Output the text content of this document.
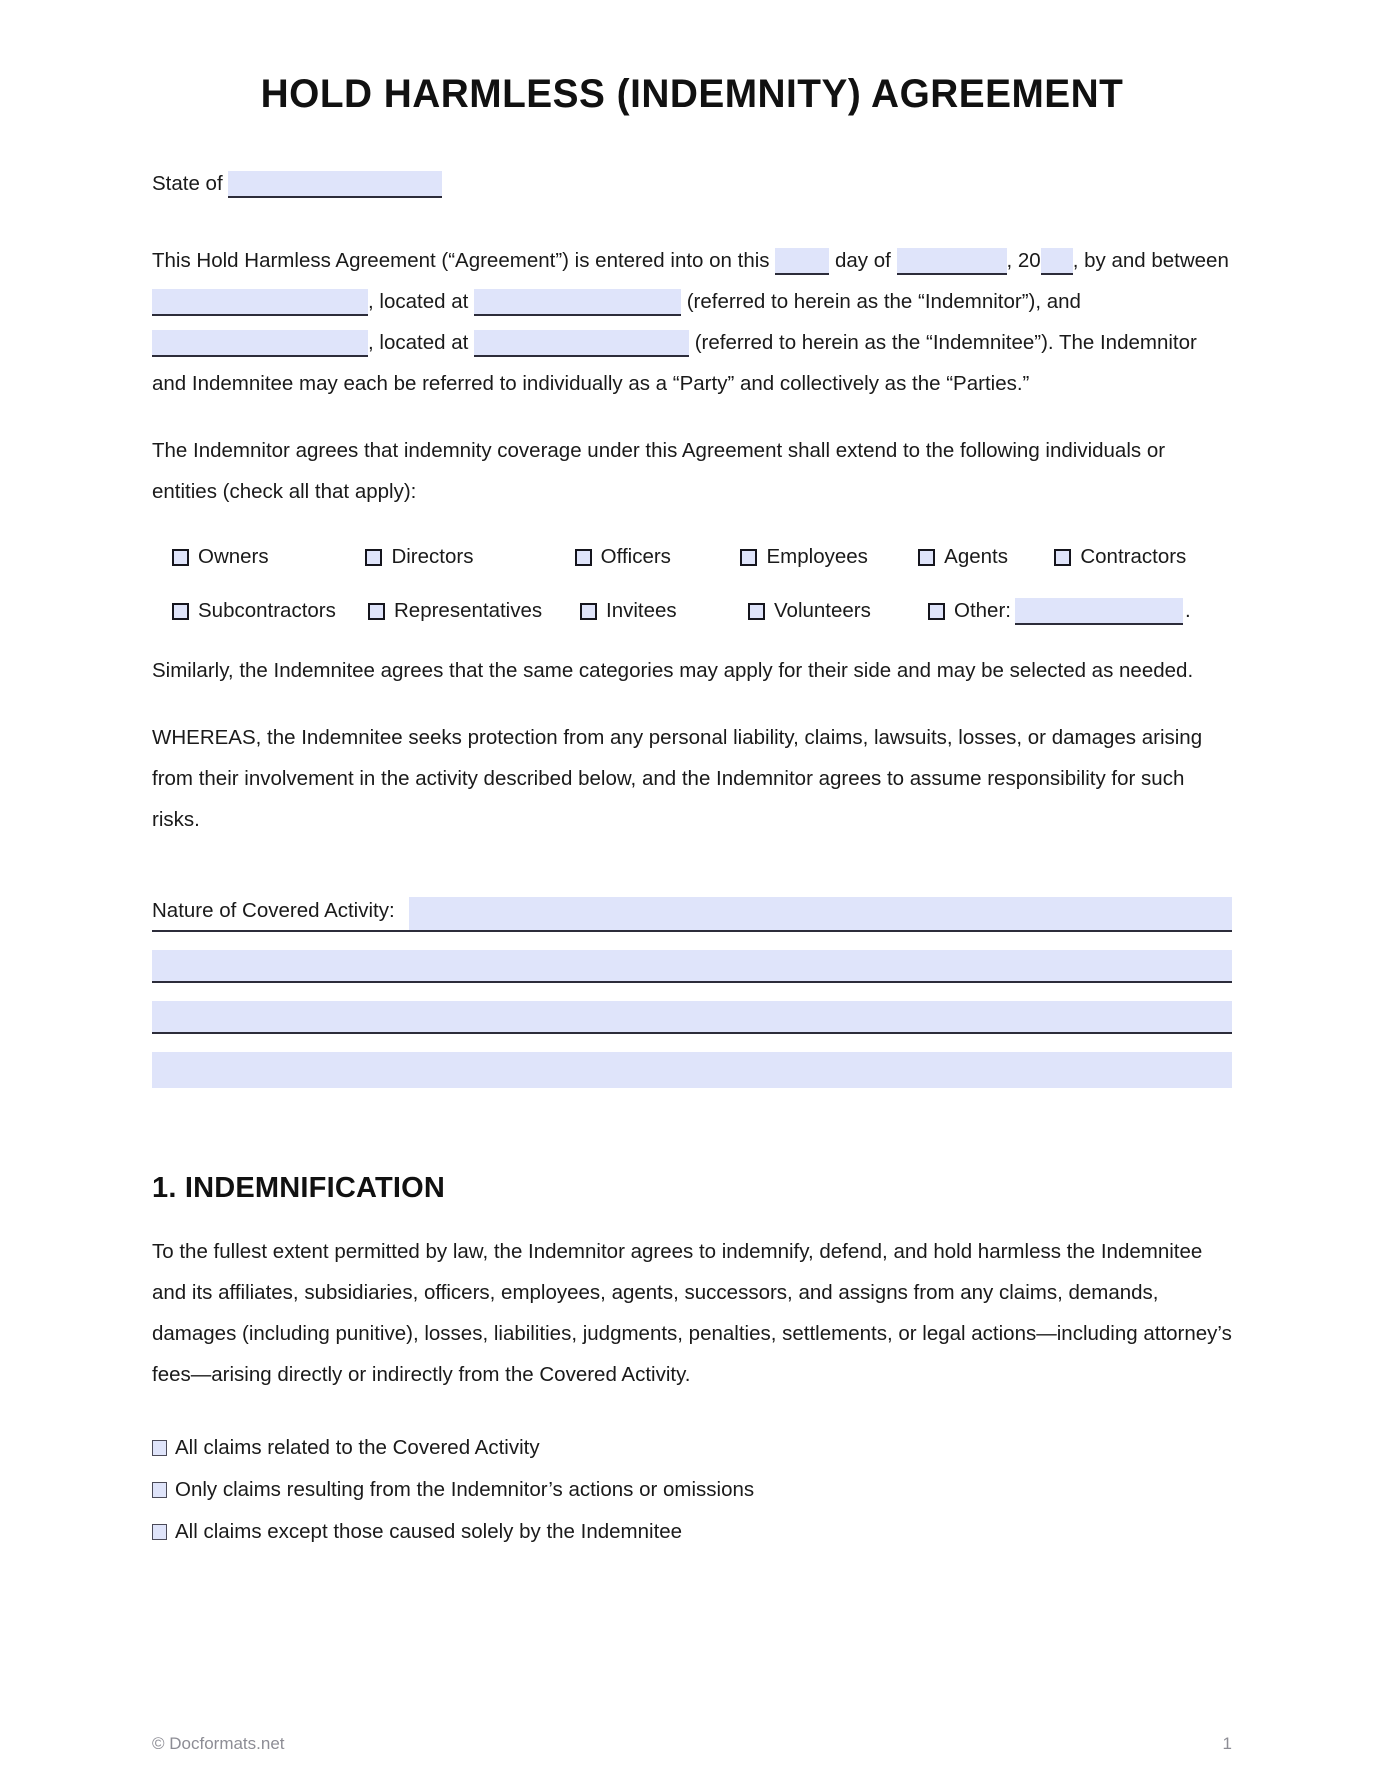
HOLD HARMLESS (INDEMNITY) AGREEMENT

State of

This Hold Harmless Agreement (“Agreement”) is entered into on this	day of	, 20 , by and between , located at	(referred to herein as the “Indemnitor”), and , located at	(referred to herein as the “Indemnitee”). The Indemnitor and Indemnitee may each be referred to individually as a “Party” and collectively as the “Parties.”

The Indemnitor agrees that indemnity coverage under this Agreement shall extend to the following individuals or entities (check all that apply):

Owners	Directors	Officers	Employees	Agents	Contractors
Subcontractors	Representatives	Invitees	Volunteers	Other:	.

Similarly, the Indemnitee agrees that the same categories may apply for their side and may be selected as needed.

WHEREAS, the Indemnitee seeks protection from any personal liability, claims, lawsuits, losses, or damages arising from their involvement in the activity described below, and the Indemnitor agrees to assume responsibility for such risks.

Nature of Covered Activity:
1. INDEMNIFICATION

To the fullest extent permitted by law, the Indemnitor agrees to indemnify, defend, and hold harmless the Indemnitee and its affiliates, subsidiaries, officers, employees, agents, successors, and assigns from any claims, demands, damages (including punitive), losses, liabilities, judgments, penalties, settlements, or legal actions—including attorney’s fees—arising directly or indirectly from the Covered Activity.

All claims related to the Covered Activity
Only claims resulting from the Indemnitor’s actions or omissions
All claims except those caused solely by the Indemnitee
© Docformats.net	1
